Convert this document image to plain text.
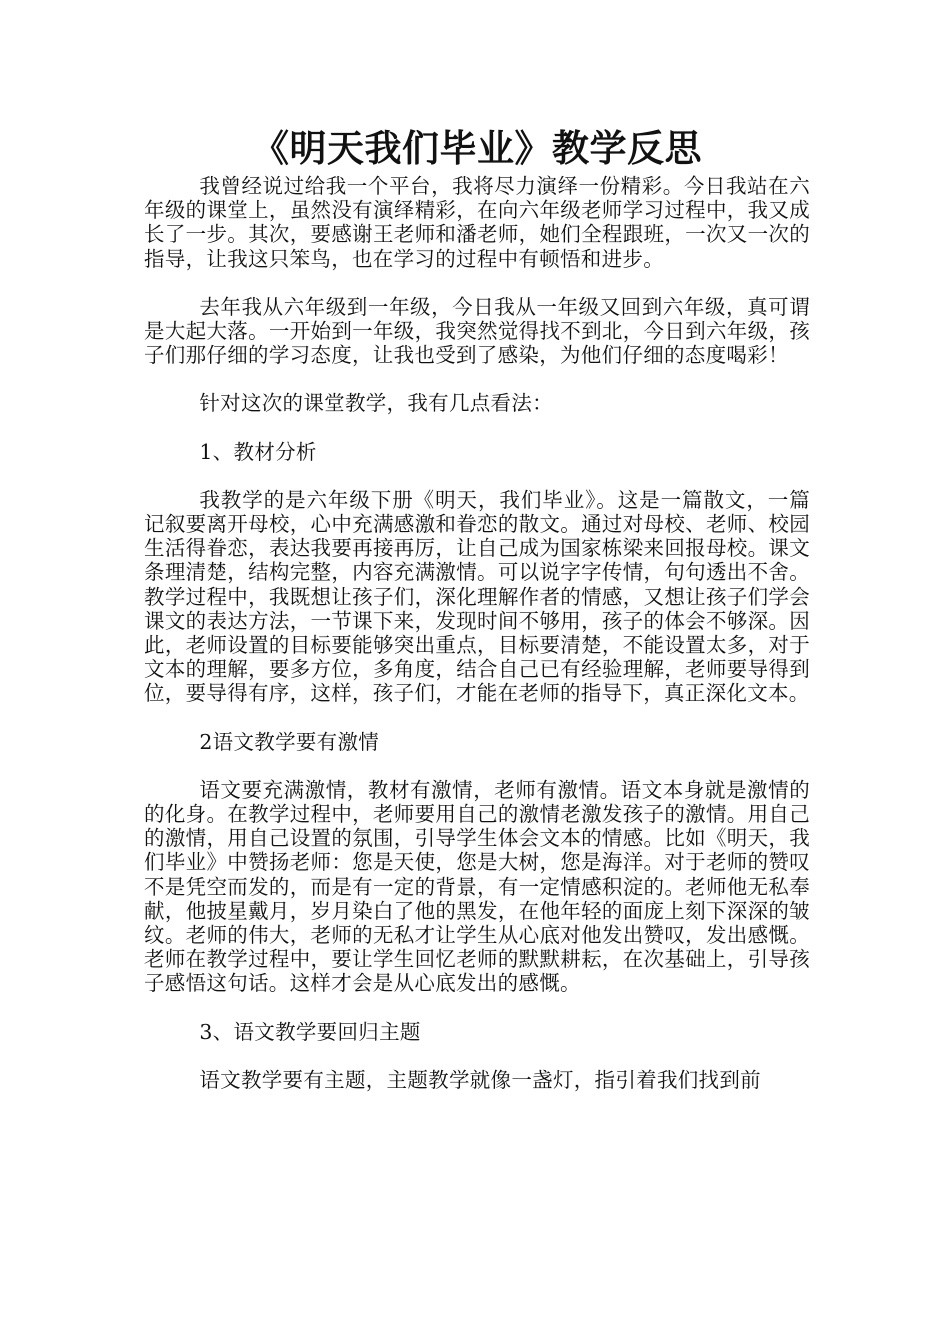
《明天我们毕业》教学反思

我曾经说过给我一个平台，我将尽力演绎一份精彩。今日我站在六年级的课堂上，虽然没有演绎精彩，在向六年级老师学习过程中，我又成长了一步。其次，要感谢王老师和潘老师，她们全程跟班，一次又一次的指导，让我这只笨鸟，也在学习的过程中有顿悟和进步。

去年我从六年级到一年级，今日我从一年级又回到六年级，真可谓是大起大落。一开始到一年级，我突然觉得找不到北，今日到六年级，孩子们那仔细的学习态度，让我也受到了感染，为他们仔细的态度喝彩！

针对这次的课堂教学，我有几点看法：

1、教材分析

我教学的是六年级下册《明天，我们毕业》。这是一篇散文，一篇记叙要离开母校，心中充满感激和眷恋的散文。通过对母校、老师、校园生活得眷恋，表达我要再接再厉，让自己成为国家栋梁来回报母校。课文条理清楚，结构完整，内容充满激情。可以说字字传情，句句透出不舍。教学过程中，我既想让孩子们，深化理解作者的情感，又想让孩子们学会课文的表达方法，一节课下来，发现时间不够用，孩子的体会不够深。因此，老师设置的目标要能够突出重点，目标要清楚，不能设置太多，对于文本的理解，要多方位，多角度，结合自己已有经验理解，老师要导得到位，要导得有序，这样，孩子们，才能在老师的指导下，真正深化文本。

2语文教学要有激情

语文要充满激情，教材有激情，老师有激情。语文本身就是激情的的化身。在教学过程中，老师要用自己的激情老激发孩子的激情。用自己的激情，用自己设置的氛围，引导学生体会文本的情感。比如《明天，我们毕业》中赞扬老师：您是天使，您是大树，您是海洋。对于老师的赞叹不是凭空而发的，而是有一定的背景，有一定情感积淀的。老师他无私奉献，他披星戴月，岁月染白了他的黑发，在他年轻的面庞上刻下深深的皱纹。老师的伟大，老师的无私才让学生从心底对他发出赞叹，发出感慨。老师在教学过程中，要让学生回忆老师的默默耕耘，在次基础上，引导孩子感悟这句话。这样才会是从心底发出的感慨。

3、语文教学要回归主题

语文教学要有主题，主题教学就像一盏灯，指引着我们找到前
